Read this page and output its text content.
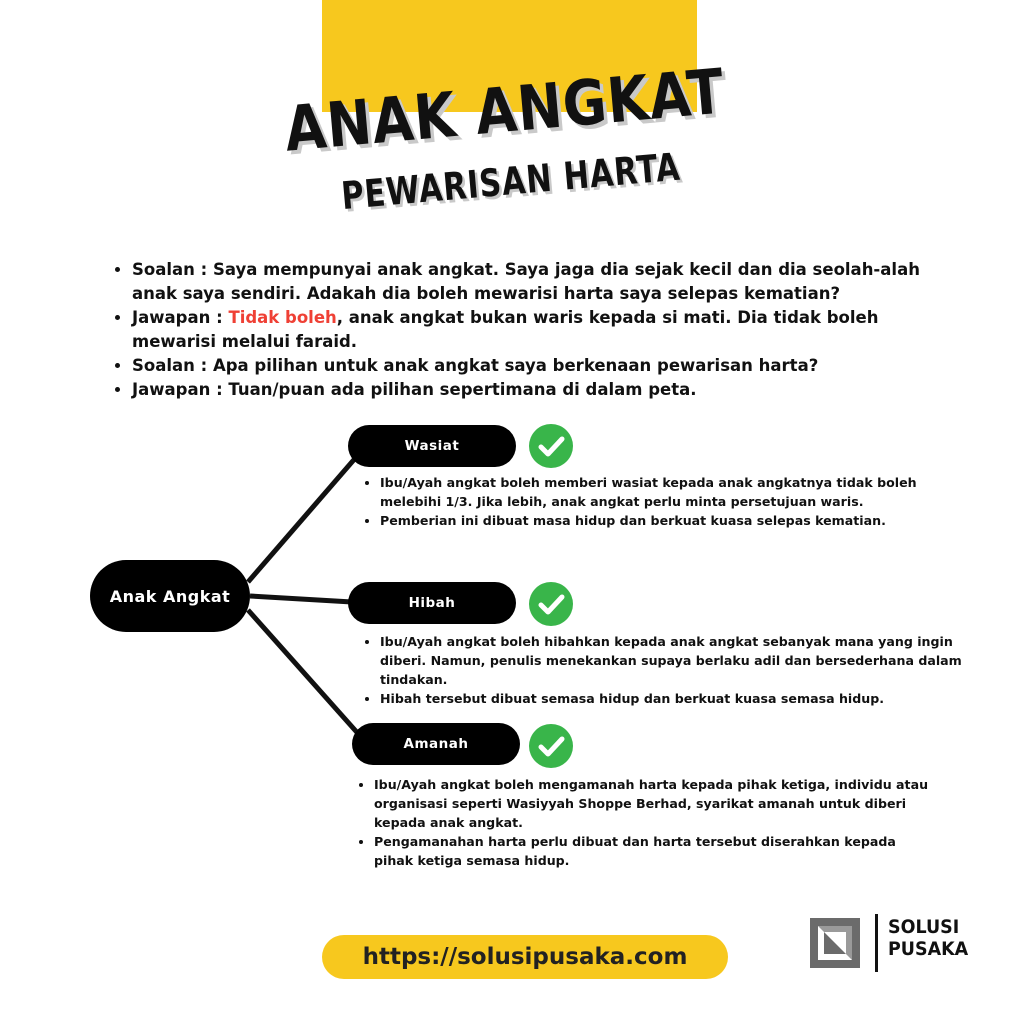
ANAK ANGKAT
PEWARISAN HARTA
• Soalan : Saya mempunyai anak angkat. Saya jaga dia sejak kecil dan dia seolah-alah anak saya sendiri. Adakah dia boleh mewarisi harta saya selepas kematian?
• Jawapan : Tidak boleh, anak angkat bukan waris kepada si mati. Dia tidak boleh mewarisi melalui faraid.
• Soalan : Apa pilihan untuk anak angkat saya berkenaan pewarisan harta?
• Jawapan : Tuan/puan ada pilihan sepertimana di dalam peta.
Anak Angkat
Wasiat
• Ibu/Ayah angkat boleh memberi wasiat kepada anak angkatnya tidak boleh melebihi 1/3. Jika lebih, anak angkat perlu minta persetujuan waris.
• Pemberian ini dibuat masa hidup dan berkuat kuasa selepas kematian.
Hibah
• Ibu/Ayah angkat boleh hibahkan kepada anak angkat sebanyak mana yang ingin diberi. Namun, penulis menekankan supaya berlaku adil dan bersederhana dalam tindakan.
• Hibah tersebut dibuat semasa hidup dan berkuat kuasa semasa hidup.
Amanah
• Ibu/Ayah angkat boleh mengamanah harta kepada pihak ketiga, individu atau organisasi seperti Wasiyyah Shoppe Berhad, syarikat amanah untuk diberi kepada anak angkat.
• Pengamanahan harta perlu dibuat dan harta tersebut diserahkan kepada pihak ketiga semasa hidup.
https://solusipusaka.com
SOLUSI
PUSAKA
